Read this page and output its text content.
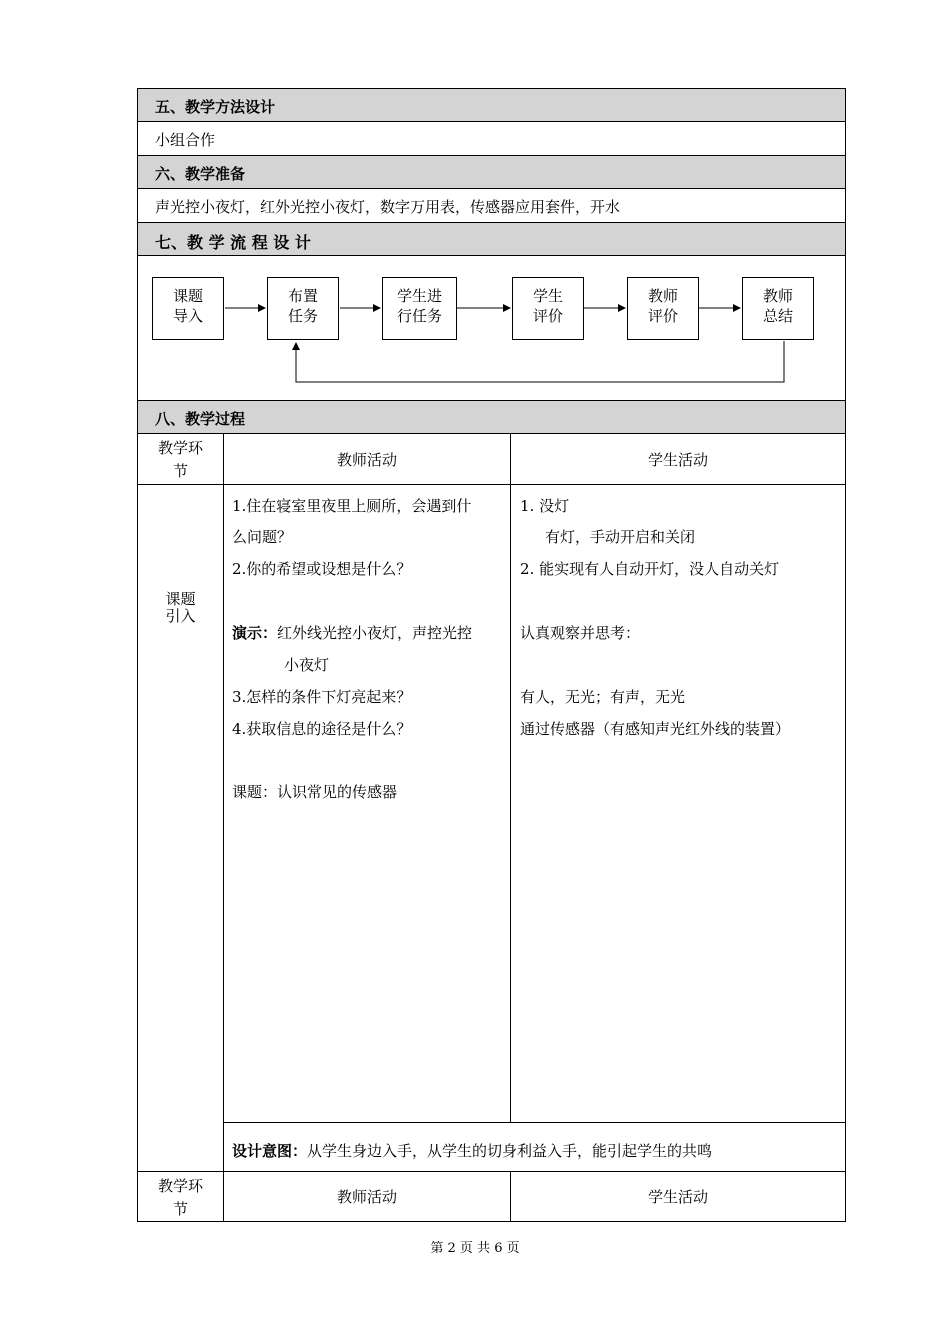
五、教学方法设计
小组合作
六、教学准备
声光控小夜灯，红外光控小夜灯，数字万用表，传感器应用套件，开水
七、教 学 流 程 设 计
课题
导入
布置
任务
学生进
行任务
学生
评价
教师
评价
教师
总结
八、教学过程
教学环
节
教师活动	学生活动
课题
引入
1.住在寝室里夜里上厕所，会遇到什
么问题？
2.你的希望或设想是什么？
演示：红外线光控小夜灯，声控光控
小夜灯
3.怎样的条件下灯亮起来？
4.获取信息的途径是什么？
课题：认识常见的传感器
1. 没灯
有灯，手动开启和关闭
2. 能实现有人自动开灯，没人自动关灯
认真观察并思考：
有人，无光；有声，无光
通过传感器（有感知声光红外线的装置）
设计意图：从学生身边入手，从学生的切身利益入手，能引起学生的共鸣
教学环
节
教师活动	学生活动
第 2 页 共 6 页
